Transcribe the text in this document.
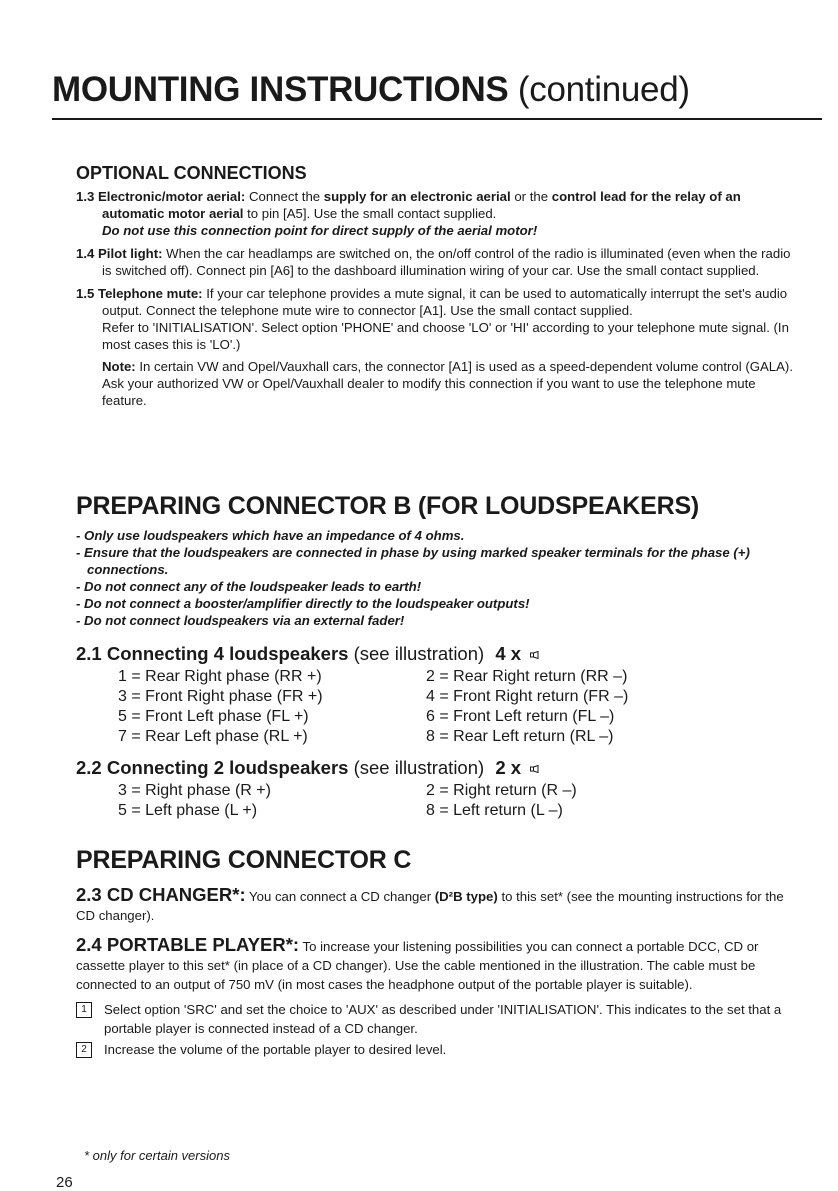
MOUNTING INSTRUCTIONS (continued)
OPTIONAL CONNECTIONS
1.3 Electronic/motor aerial: Connect the supply for an electronic aerial or the control lead for the relay of an automatic motor aerial to pin [A5]. Use the small contact supplied.
Do not use this connection point for direct supply of the aerial motor!
1.4 Pilot light: When the car headlamps are switched on, the on/off control of the radio is illuminated (even when the radio is switched off). Connect pin [A6] to the dashboard illumination wiring of your car. Use the small contact supplied.
1.5 Telephone mute: If your car telephone provides a mute signal, it can be used to automatically interrupt the set's audio output. Connect the telephone mute wire to connector [A1]. Use the small contact supplied.
Refer to 'INITIALISATION'. Select option 'PHONE' and choose 'LO' or 'HI' according to your telephone mute signal. (In most cases this is 'LO'.)
Note: In certain VW and Opel/Vauxhall cars, the connector [A1] is used as a speed-dependent volume control (GALA). Ask your authorized VW or Opel/Vauxhall dealer to modify this connection if you want to use the telephone mute feature.
PREPARING CONNECTOR B (FOR LOUDSPEAKERS)
- Only use loudspeakers which have an impedance of 4 ohms.
- Ensure that the loudspeakers are connected in phase by using marked speaker terminals for the phase (+) connections.
- Do not connect any of the loudspeaker leads to earth!
- Do not connect a booster/amplifier directly to the loudspeaker outputs!
- Do not connect loudspeakers via an external fader!
2.1 Connecting 4 loudspeakers (see illustration) 4 x
1 = Rear Right phase (RR +)	2 = Rear Right return (RR –)
3 = Front Right phase (FR +)	4 = Front Right return (FR –)
5 = Front Left phase (FL +)	6 = Front Left return (FL –)
7 = Rear Left phase (RL +)	8 = Rear Left return (RL –)
2.2 Connecting 2 loudspeakers (see illustration) 2 x
3 = Right phase (R +)	2 = Right return (R –)
5 = Left phase (L +)	8 = Left return (L –)
PREPARING CONNECTOR C
2.3 CD CHANGER*: You can connect a CD changer (D²B type) to this set* (see the mounting instructions for the CD changer).
2.4 PORTABLE PLAYER*: To increase your listening possibilities you can connect a portable DCC, CD or cassette player to this set* (in place of a CD changer). Use the cable mentioned in the illustration. The cable must be connected to an output of 750 mV (in most cases the headphone output of the portable player is suitable).
1	Select option 'SRC' and set the choice to 'AUX' as described under 'INITIALISATION'. This indicates to the set that a portable player is connected instead of a CD changer.
2	Increase the volume of the portable player to desired level.
* only for certain versions
26
